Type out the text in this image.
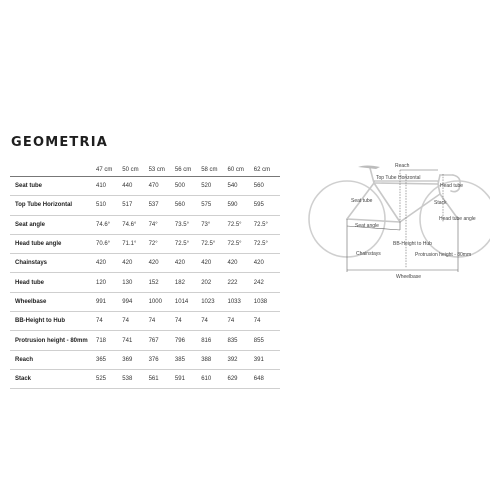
GEOMETRIA
	47 cm	50 cm	53 cm	56 cm	58 cm	60 cm	62 cm
Seat tube	410	440	470	500	520	540	560
Top Tube Horizontal	510	517	537	560	575	590	595
Seat angle	74.6°	74.6°	74°	73.5°	73°	72.5°	72.5°
Head tube angle	70.6°	71.1°	72°	72.5°	72.5°	72.5°	72.5°
Chainstays	420	420	420	420	420	420	420
Head tube	120	130	152	182	202	222	242
Wheelbase	991	994	1000	1014	1023	1033	1038
BB-Height to Hub	74	74	74	74	74	74	74
Protrusion height - 80mm	718	741	767	796	816	835	855
Reach	365	369	376	385	388	392	391
Stack	525	538	561	591	610	629	648
Reach
Top Tube Horizontal
Head tube
Stack
Seat tube
Head tube angle
Seat angle
BB-Height to Hub
Chainstays	Protrusion height - 80mm
Wheelbase
